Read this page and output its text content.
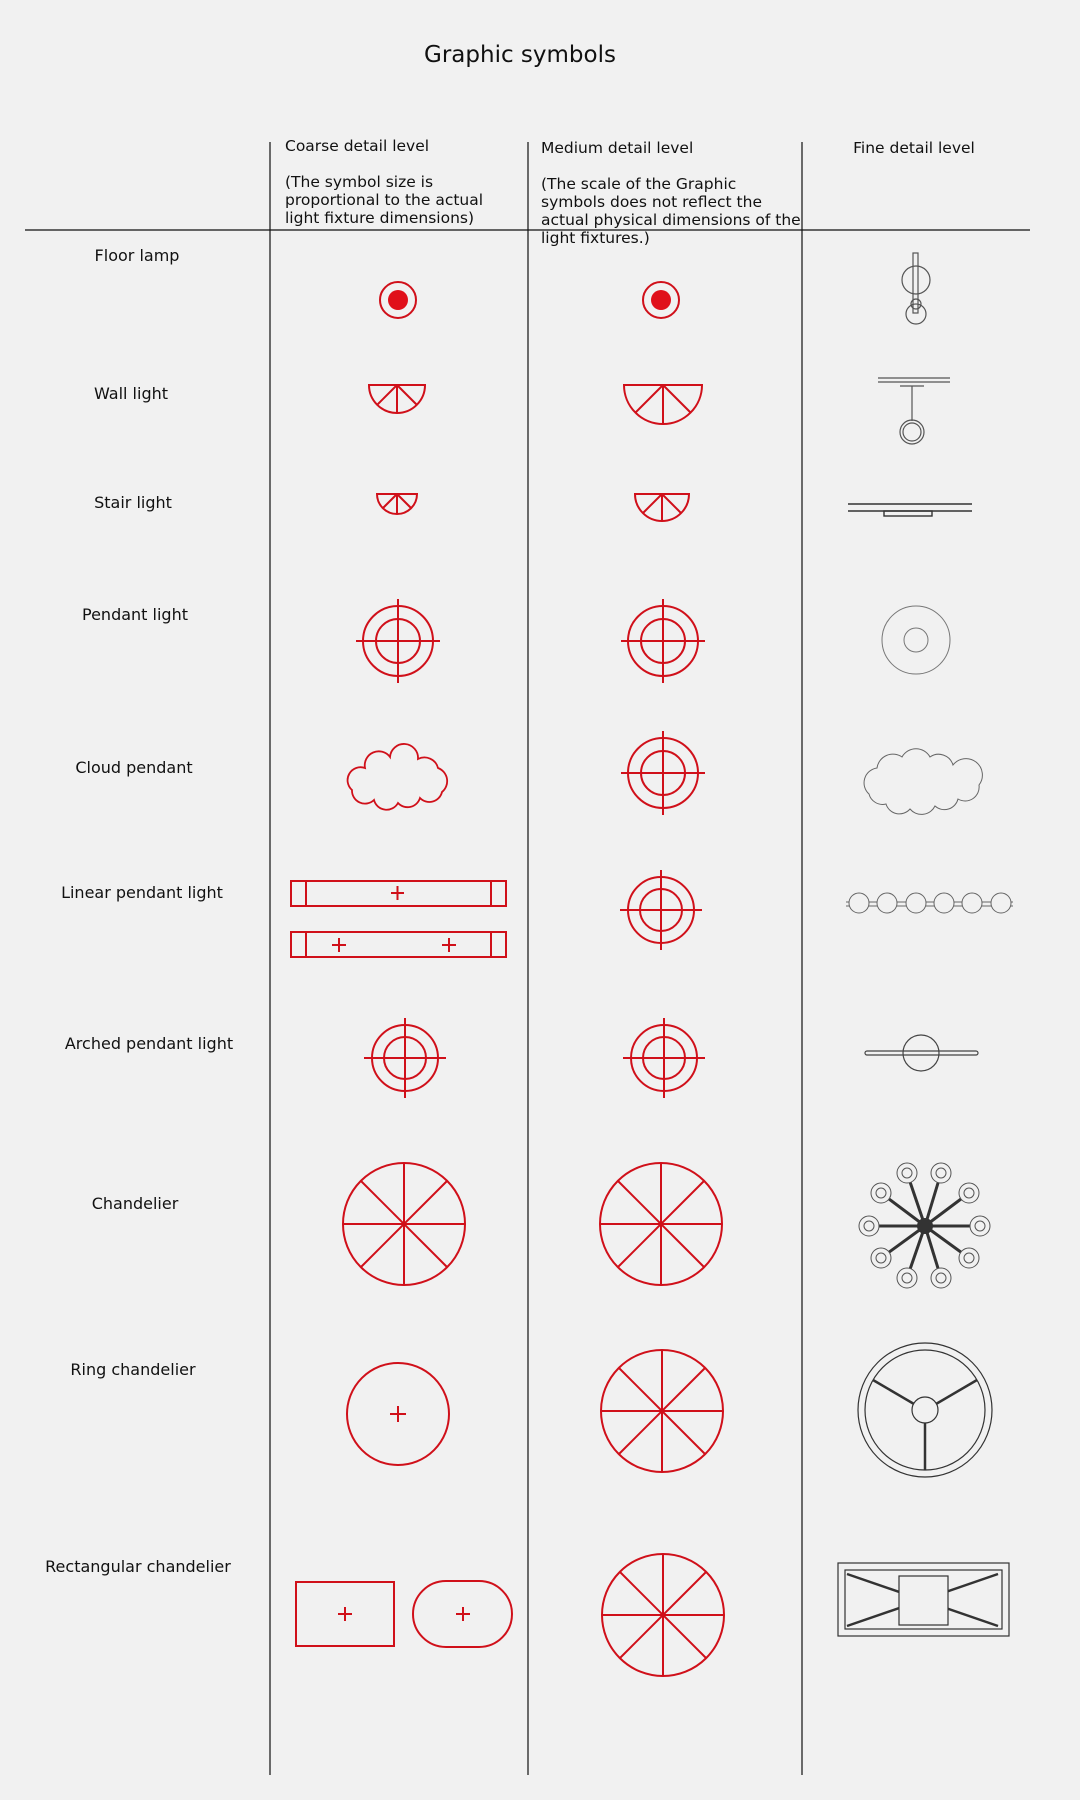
Graphic symbols
Coarse detail level
(The symbol size is proportional to the actual light fixture dimensions)
Medium detail level
(The scale of the Graphic symbols does not reflect the actual physical dimensions of the light fixtures.)
Fine detail level
Floor lamp
Wall light
Stair light
Pendant light
Cloud pendant
Linear pendant light
Arched pendant light
Chandelier
Ring chandelier
Rectangular chandelier
